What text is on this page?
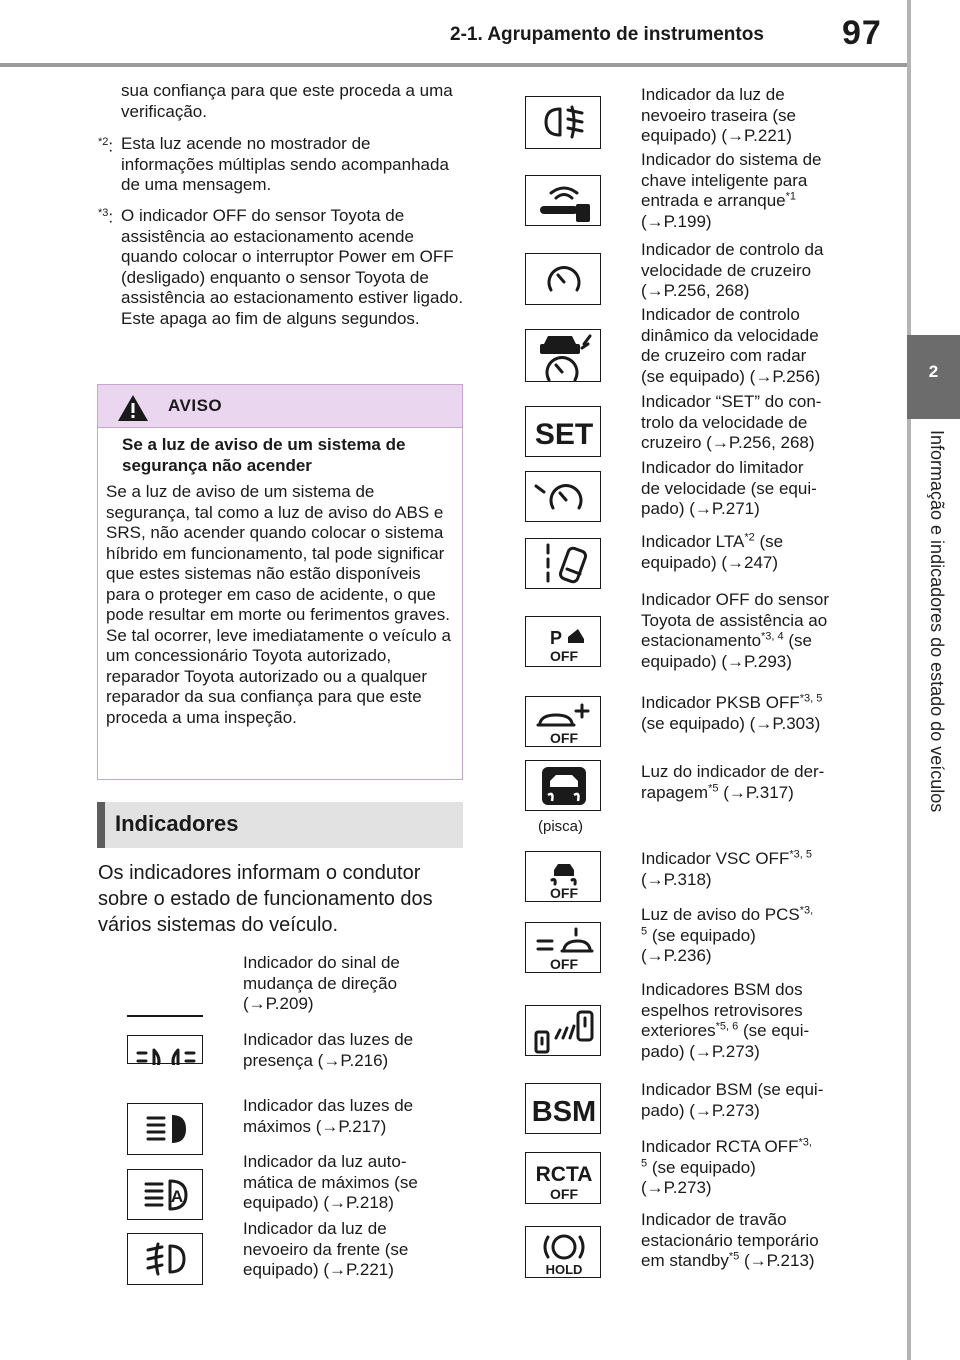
2-1. Agrupamento de instrumentos 97
2
Informação e indicadores do estado do veículos
sua confiança para que este proceda a uma verificação.
$^{*2}$: Esta luz acende no mostrador de informações múltiplas sendo acompanhada de uma mensagem.
$^{*3}$: O indicador OFF do sensor Toyota de assistência ao estacionamento acende quando colocar o interruptor Power em OFF (desligado) enquanto o sensor Toyota de assistência ao estacionamento estiver ligado. Este apaga ao fim de alguns segundos.
AVISO
Se a luz de aviso de um sistema de segurança não acender
Se a luz de aviso de um sistema de segurança, tal como a luz de aviso do ABS e SRS, não acender quando colocar o sistema híbrido em funcionamento, tal pode significar que estes sistemas não estão disponíveis para o proteger em caso de acidente, o que pode resultar em morte ou ferimentos graves. Se tal ocorrer, leve imediatamente o veículo a um concessionário Toyota autorizado, reparador Toyota autorizado ou a qualquer reparador da sua confiança para que este proceda a uma inspeção.
Indicadores
Os indicadores informam o condutor sobre o estado de funcionamento dos vários sistemas do veículo.
(pisca)
Indicador do sinal de
mudança de direção
(→P.209)
Indicador das luzes de
presença (→P.216)
Indicador das luzes de
máximos (→P.217)
A
Indicador da luz auto-
mática de máximos (se
equipado) (→P.218)
Indicador da luz de
nevoeiro da frente (se
equipado) (→P.221)
Indicador da luz de
nevoeiro traseira (se
equipado) (→P.221)
Indicador do sistema de
chave inteligente para
entrada e arranque$^{*1}$
(→P.199)
Indicador de controlo da
velocidade de cruzeiro
(→P.256, 268)
Indicador de controlo
dinâmico da velocidade
de cruzeiro com radar
(se equipado) (→P.256)
SET
Indicador “SET” do con-
trolo da velocidade de
cruzeiro (→P.256, 268)
Indicador do limitador
de velocidade (se equi-
pado) (→P.271)
Indicador LTA$^{*2}$ (se
equipado) (→247)
P
OFF
Indicador OFF do sensor
Toyota de assistência ao
estacionamento$^{*3, 4}$ (se
equipado) (→P.293)
OFF
Indicador PKSB OFF$^{*3, 5}$
(se equipado) (→P.303)
Luz do indicador de der-
rapagem$^{*5}$ (→P.317)
OFF
Indicador VSC OFF$^{*3, 5}$
(→P.318)
OFF
Luz de aviso do $PCS^{*3,}$
$^5$ (se equipado)
(→P.236)
Indicadores BSM dos
espelhos retrovisores
exteriores$^{*5, 6}$ (se equi-
pado) (→P.273)
BSM
Indicador BSM (se equi-
pado) (→P.273)
RCTA
OFF
Indicador RCTA $OFF^{*3,}$
$^5$ (se equipado)
(→P.273)
HOLD
Indicador de travão
estacionário temporário
em standby$^{*5}$ (→P.213)
